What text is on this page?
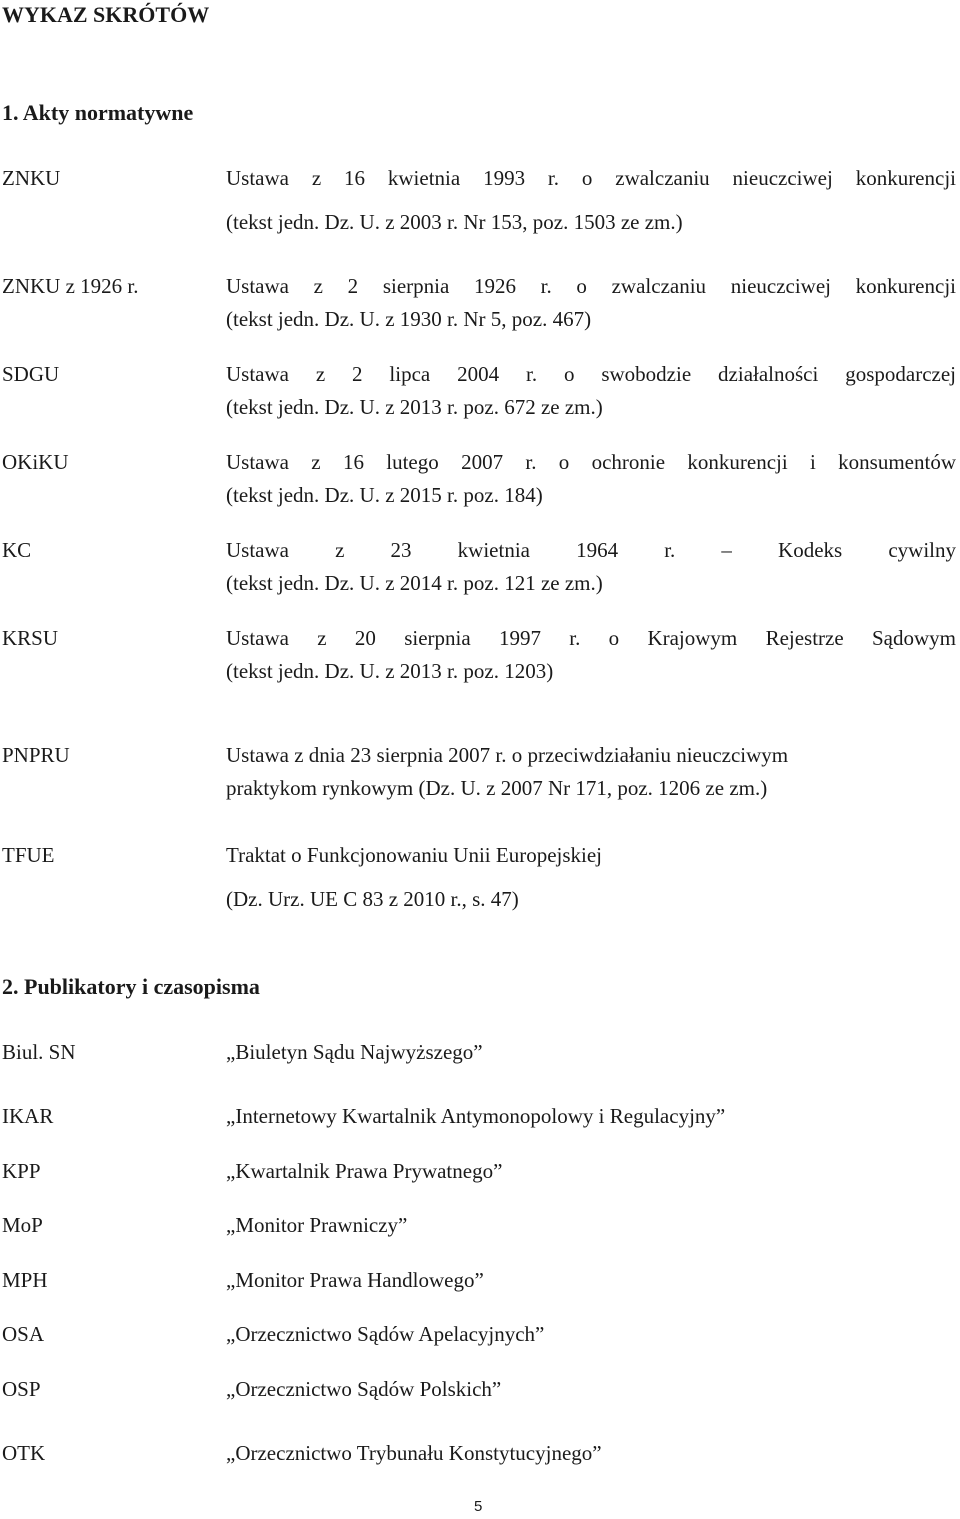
WYKAZ SKRÓTÓW
1. Akty normatywne
ZNKU	Ustawa z 16 kwietnia 1993 r. o zwalczaniu nieuczciwej konkurencji
(tekst jedn. Dz. U. z 2003 r. Nr 153, poz. 1503 ze zm.)
ZNKU z 1926 r.	Ustawa z 2 sierpnia 1926 r. o zwalczaniu nieuczciwej konkurencji
(tekst jedn. Dz. U. z 1930 r. Nr 5, poz. 467)
SDGU	Ustawa z 2 lipca 2004 r. o swobodzie działalności gospodarczej
(tekst jedn. Dz. U. z 2013 r. poz. 672 ze zm.)
OKiKU	Ustawa z 16 lutego 2007 r. o ochronie konkurencji i konsumentów
(tekst jedn. Dz. U. z 2015 r. poz. 184)
KC	Ustawa z 23 kwietnia 1964 r. – Kodeks cywilny
(tekst jedn. Dz. U. z 2014 r. poz. 121 ze zm.)
KRSU	Ustawa z 20 sierpnia 1997 r. o Krajowym Rejestrze Sądowym
(tekst jedn. Dz. U. z 2013 r. poz. 1203)
PNPRU	Ustawa z dnia 23 sierpnia 2007 r. o przeciwdziałaniu nieuczciwym
praktykom rynkowym (Dz. U. z 2007 Nr 171, poz. 1206 ze zm.)
TFUE	Traktat o Funkcjonowaniu Unii Europejskiej
(Dz. Urz. UE C 83 z 2010 r., s. 47)
2. Publikatory i czasopisma
Biul. SN	„Biuletyn Sądu Najwyższego”
IKAR	„Internetowy Kwartalnik Antymonopolowy i Regulacyjny”
KPP	„Kwartalnik Prawa Prywatnego”
MoP	„Monitor Prawniczy”
MPH	„Monitor Prawa Handlowego”
OSA	„Orzecznictwo Sądów Apelacyjnych”
OSP	„Orzecznictwo Sądów Polskich”
OTK	„Orzecznictwo Trybunału Konstytucyjnego”
5
